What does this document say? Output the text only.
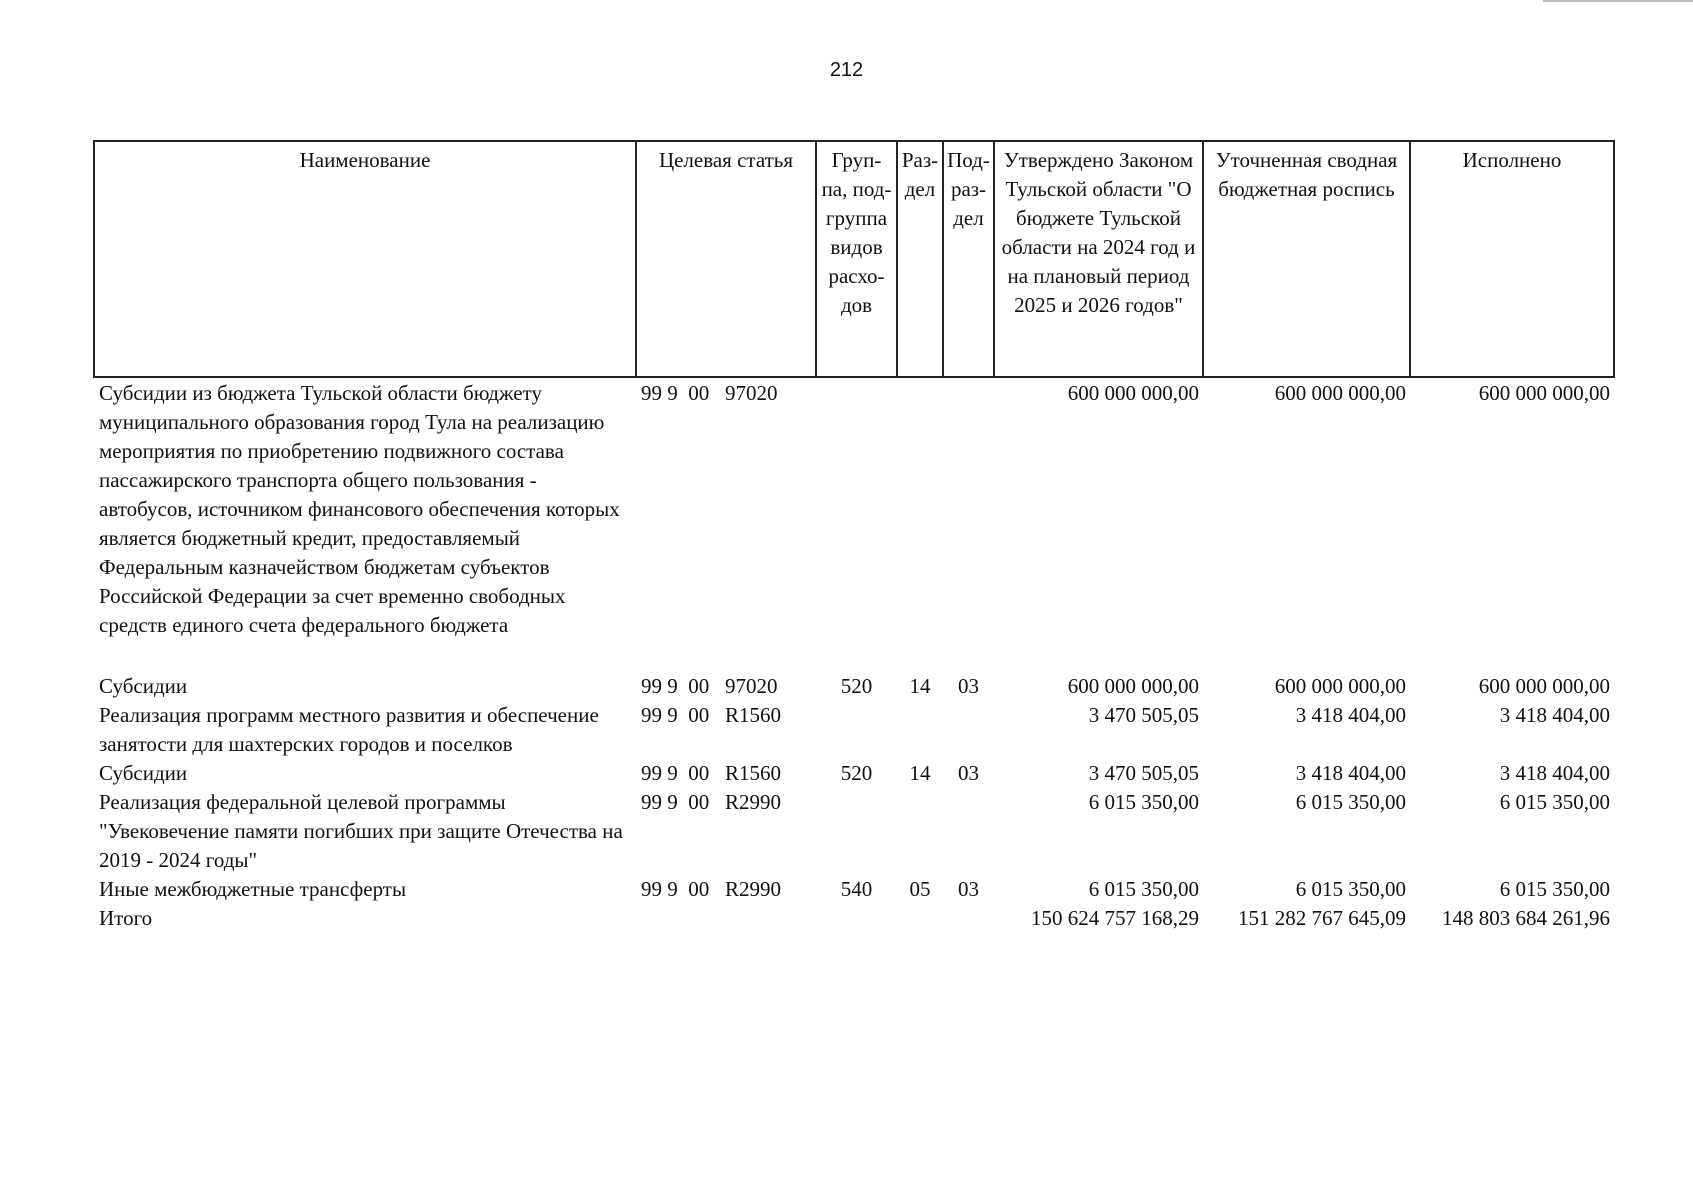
212
Наименование	Целевая статья	Груп-па, под-группа видов расхо-дов	Раз-дел	Под-раз-дел	Утверждено Законом Тульской области "О бюджете Тульской области на 2024 год и на плановый период 2025 и 2026 годов"	Уточненная сводная бюджетная роспись	Исполнено
Субсидии из бюджета Тульской области бюджету муниципального образования город Тула на реализацию мероприятия по приобретению подвижного состава пассажирского транспорта общего пользования - автобусов, источником финансового обеспечения которых является бюджетный кредит, предоставляемый Федеральным казначейством бюджетам субъектов Российской Федерации за счет временно свободных средств единого счета федерального бюджета	99 9  00   97020				600 000 000,00	600 000 000,00	600 000 000,00
Субсидии	99 9  00   97020	520	14	03	600 000 000,00	600 000 000,00	600 000 000,00
Реализация программ местного развития и обеспечение занятости для шахтерских городов и поселков	99 9  00   R1560				3 470 505,05	3 418 404,00	3 418 404,00
Субсидии	99 9  00   R1560	520	14	03	3 470 505,05	3 418 404,00	3 418 404,00
Реализация федеральной целевой программы "Увековечение памяти погибших при защите Отечества на 2019 - 2024 годы"	99 9  00   R2990				6 015 350,00	6 015 350,00	6 015 350,00
Иные межбюджетные трансферты	99 9  00   R2990	540	05	03	6 015 350,00	6 015 350,00	6 015 350,00
Итого					150 624 757 168,29	151 282 767 645,09	148 803 684 261,96
